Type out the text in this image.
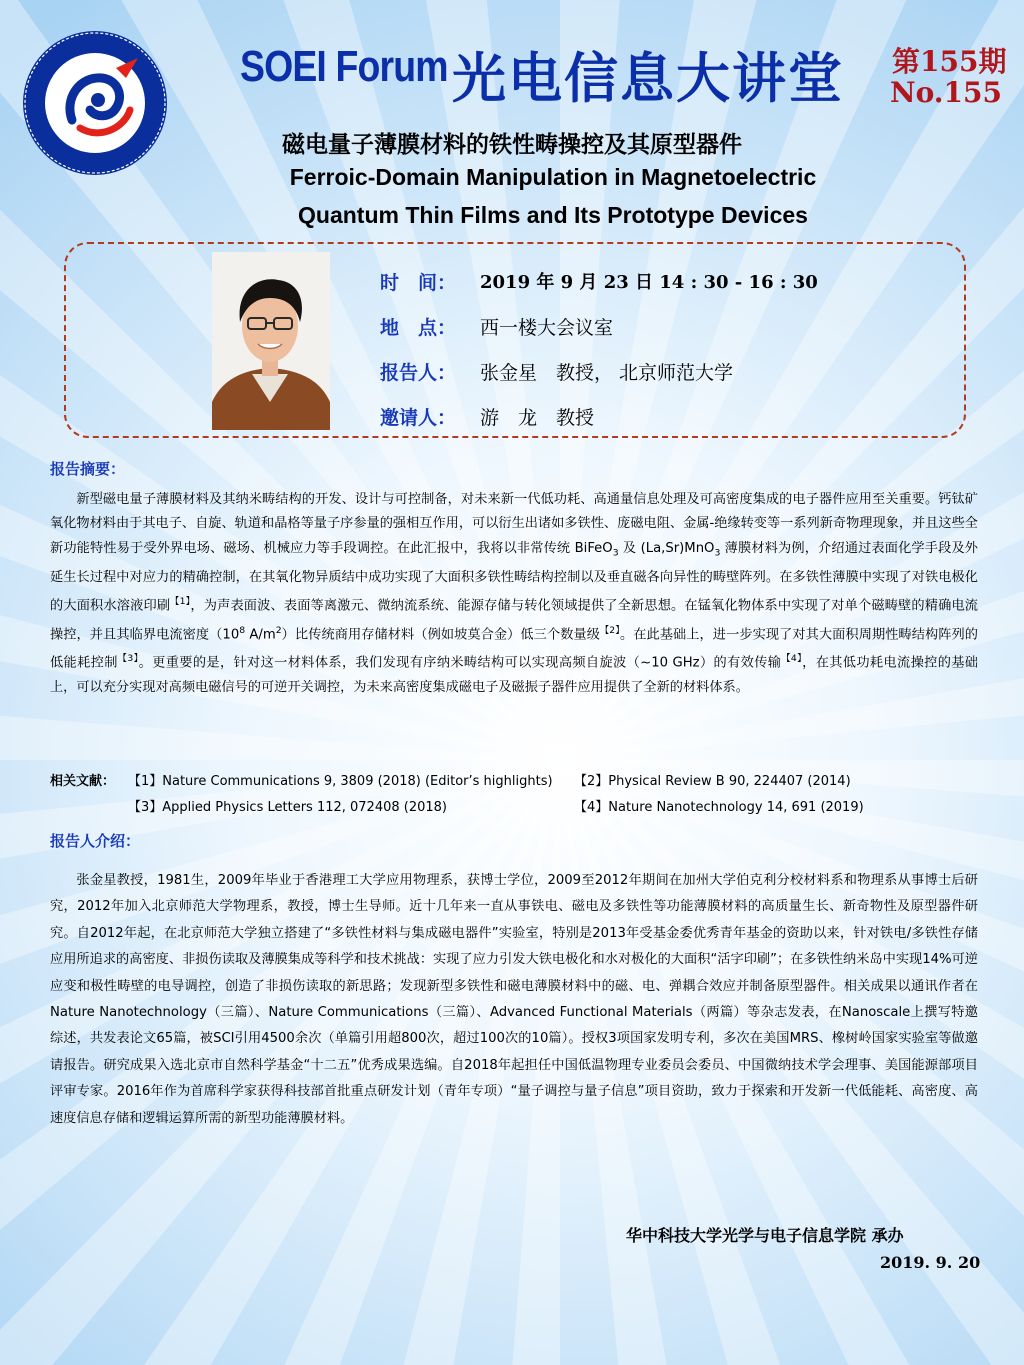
SOEI Forum 光电信息大讲堂 第155期
No.155
磁电量子薄膜材料的铁性畴操控及其原型器件
Ferroic-Domain Manipulation in Magnetoelectric
Quantum Thin Films and Its Prototype Devices
时　间： 2019 年 9 月 23 日 14 : 30 - 16 : 30
地　点： 西一楼大会议室
报告人： 张金星　教授， 北京师范大学
邀请人： 游　龙　教授
报告摘要：

新型磁电量子薄膜材料及其纳米畴结构的开发、设计与可控制备，对未来新一代低功耗、高通量信息处理及可高密度集成的电子器件应用至关重要。钙钛矿氧化物材料由于其电子、自旋、轨道和晶格等量子序参量的强相互作用，可以衍生出诸如多铁性、庞磁电阻、金属-绝缘转变等一系列新奇物理现象，并且这些全新功能特性易于受外界电场、磁场、机械应力等手段调控。在此汇报中，我将以非常传统 BiFeO$_3$ 及 (La,Sr)MnO$_3$ 薄膜材料为例，介绍通过表面化学手段及外延生长过程中对应力的精确控制，在其氧化物异质结中成功实现了大面积多铁性畴结构控制以及垂直磁各向异性的畴壁阵列。在多铁性薄膜中实现了对铁电极化的大面积水溶液印刷$^{【1】}$，为声表面波、表面等离激元、微纳流系统、能源存储与转化领域提供了全新思想。在锰氧化物体系中实现了对单个磁畴壁的精确电流操控，并且其临界电流密度（$10^8$ $A/m^2$）比传统商用存储材料（例如坡莫合金）低三个数量级$^{【2】}$。在此基础上，进一步实现了对其大面积周期性畴结构阵列的低能耗控制$^{【3】}$。更重要的是，针对这一材料体系，我们发现有序纳米畴结构可以实现高频自旋波（~10 GHz）的有效传输$^{【4】}$，在其低功耗电流操控的基础上，可以充分实现对高频电磁信号的可逆开关调控，为未来高密度集成磁电子及磁振子器件应用提供了全新的材料体系。

相关文献： 【1】Nature Communications 9, 3809 (2018) (Editor’s highlights) 【2】Physical Review B 90, 224407 (2014)
【3】Applied Physics Letters 112, 072408 (2018)	【4】Nature Nanotechnology 14, 691 (2019)
报告人介绍：

张金星教授，1981生，2009年毕业于香港理工大学应用物理系，获博士学位，2009至2012年期间在加州大学伯克利分校材料系和物理系从事博士后研究，2012年加入北京师范大学物理系，教授，博士生导师。近十几年来一直从事铁电、磁电及多铁性等功能薄膜材料的高质量生长、新奇物性及原型器件研究。自2012年起，在北京师范大学独立搭建了“多铁性材料与集成磁电器件”实验室，特别是2013年受基金委优秀青年基金的资助以来，针对铁电/多铁性存储应用所追求的高密度、非损伤读取及薄膜集成等科学和技术挑战：实现了应力引发大铁电极化和水对极化的大面积“活字印刷”；在多铁性纳米岛中实现14%可逆应变和极性畴壁的电导调控，创造了非损伤读取的新思路；发现新型多铁性和磁电薄膜材料中的磁、电、弹耦合效应并制备原型器件。相关成果以通讯作者在 Nature Nanotechnology（三篇）、Nature Communications（三篇）、Advanced Functional Materials（两篇）等杂志发表，在Nanoscale上撰写特邀综述，共发表论文65篇，被SCI引用4500余次（单篇引用超800次，超过100次的10篇）。授权3项国家发明专利，多次在美国MRS、橡树岭国家实验室等做邀请报告。研究成果入选北京市自然科学基金“十二五”优秀成果选编。自2018年起担任中国低温物理专业委员会委员、中国微纳技术学会理事、美国能源部项目评审专家。2016年作为首席科学家获得科技部首批重点研发计划（青年专项）“量子调控与量子信息”项目资助，致力于探索和开发新一代低能耗、高密度、高速度信息存储和逻辑运算所需的新型功能薄膜材料。

华中科技大学光学与电子信息学院 承办
2019. 9. 20
